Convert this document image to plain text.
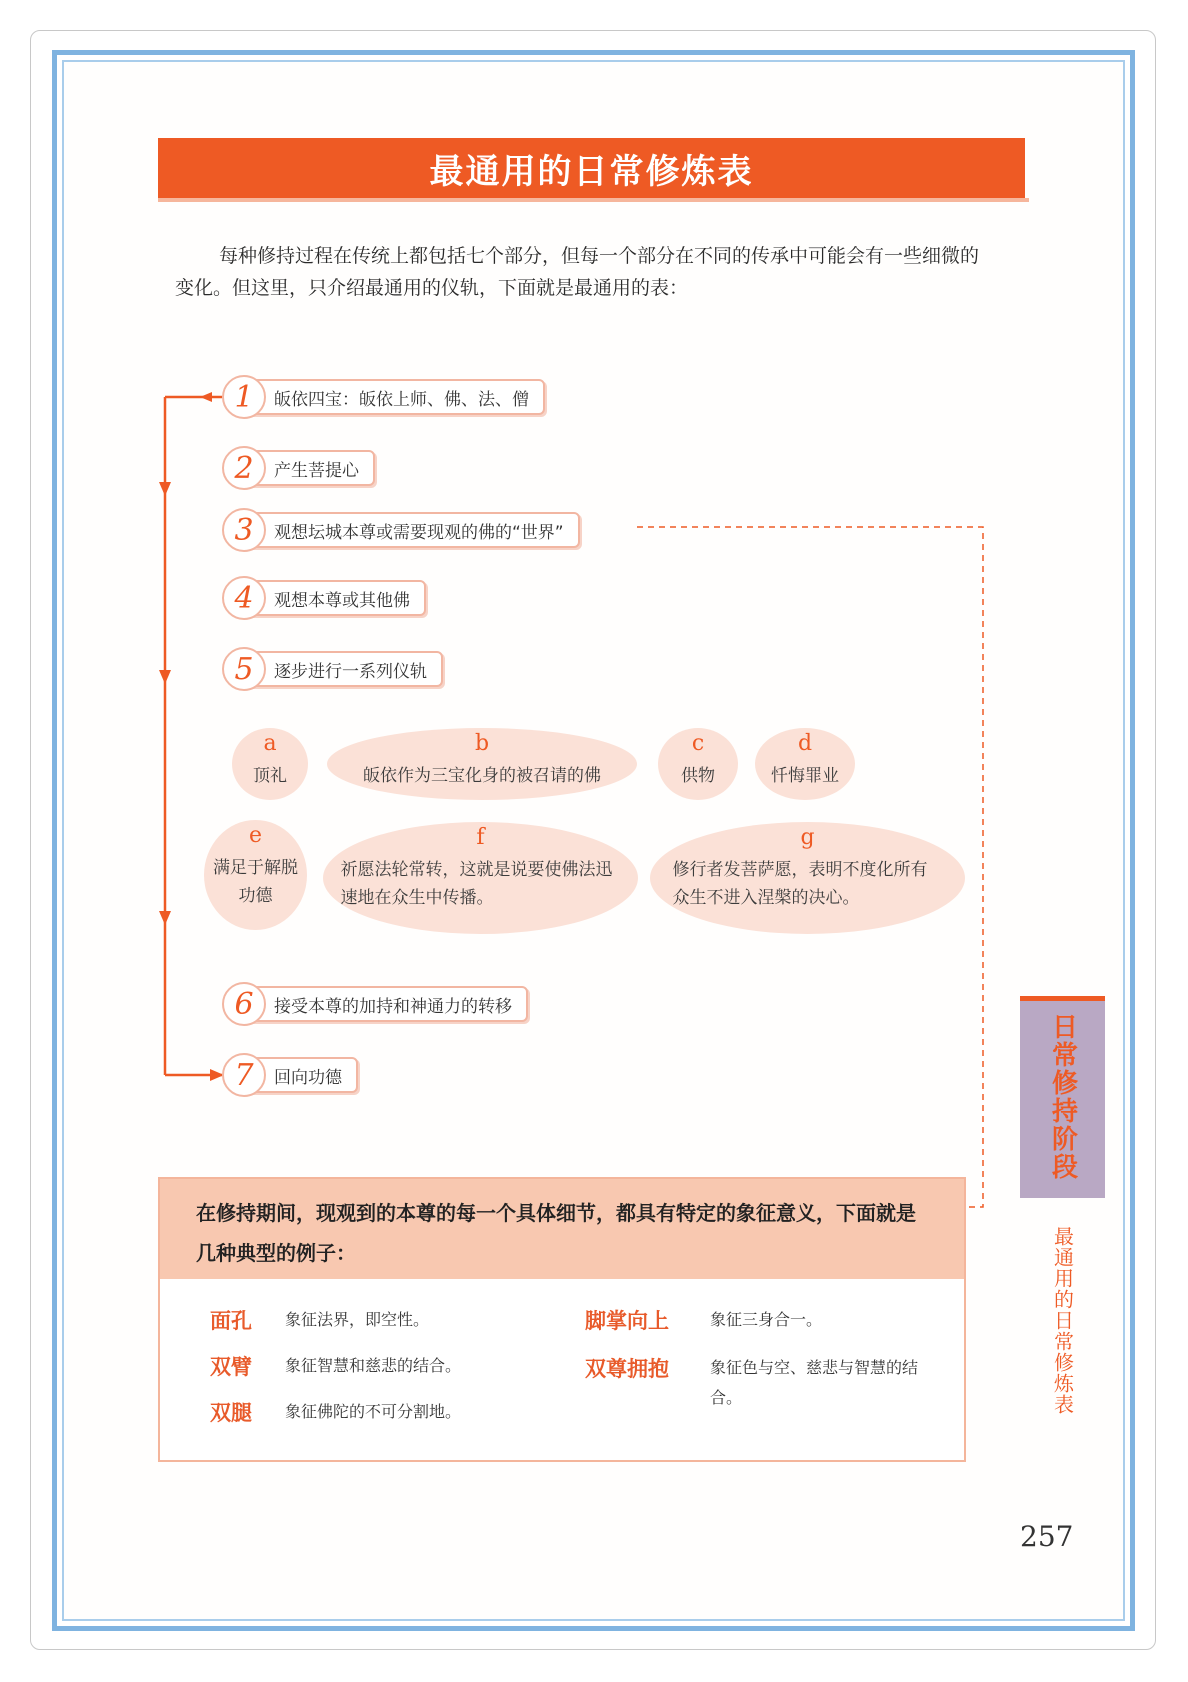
最通用的日常修炼表
每种修持过程在传统上都包括七个部分，但每一个部分在不同的传承中可能会有一些细微的变化。但这里，只介绍最通用的仪轨，下面就是最通用的表：
1	皈依四宝：皈依上师、佛、法、僧
2	产生菩提心
3	观想坛城本尊或需要现观的佛的“世界”
4	观想本尊或其他佛
5	逐步进行一系列仪轨
a
顶礼
b
皈依作为三宝化身的被召请的佛
c
供物
d
忏悔罪业
e
满足于解脱功德
f
祈愿法轮常转，这就是说要使佛法迅速地在众生中传播。
g
修行者发菩萨愿，表明不度化所有众生不进入涅槃的决心。
6	接受本尊的加持和神通力的转移
7	回向功德
在修持期间，现观到的本尊的每一个具体细节，都具有特定的象征意义，下面就是几种典型的例子：
面孔 象征法界，即空性。
双臂 象征智慧和慈悲的结合。
双腿 象征佛陀的不可分割地。
脚掌向上	象征三身合一。
双尊拥抱	象征色与空、慈悲与智慧的结合。
日常修持阶段
最通用的日常修炼表
257
